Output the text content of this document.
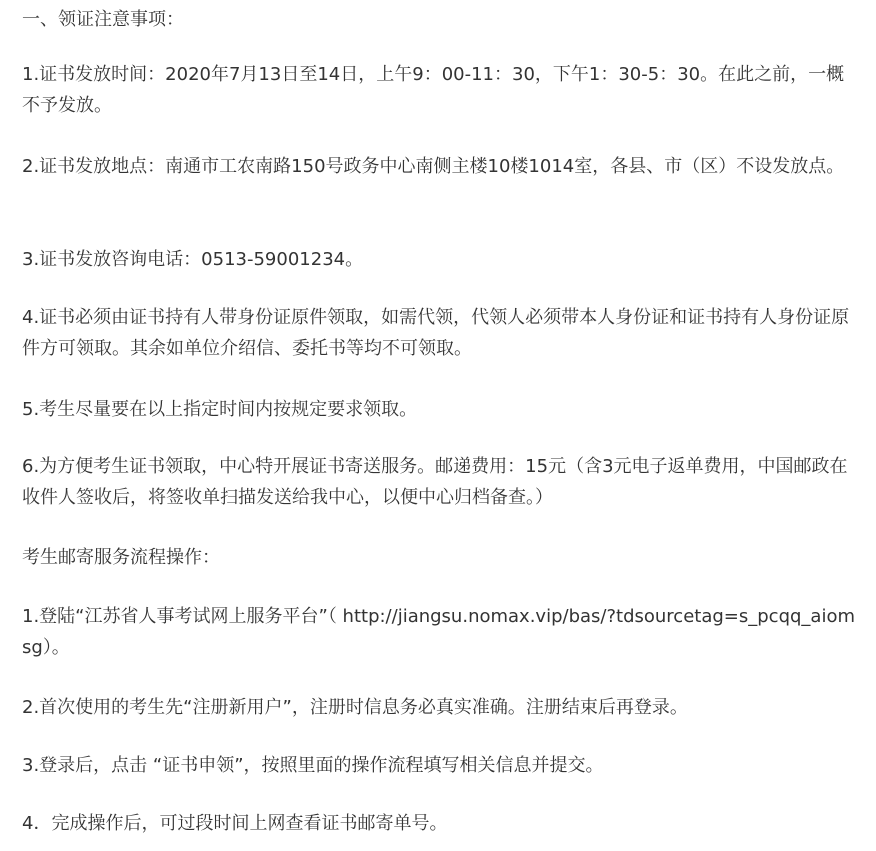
一、领证注意事项：

1.证书发放时间：2020年7月13日至14日，上午9：00-11：30，下午1：30-5：30。在此之前，一概不予发放。

2.证书发放地点：南通市工农南路150号政务中心南侧主楼10楼1014室，各县、市（区）不设发放点。

3.证书发放咨询电话：0513-59001234。

4.证书必须由证书持有人带身份证原件领取，如需代领，代领人必须带本人身份证和证书持有人身份证原件方可领取。其余如单位介绍信、委托书等均不可领取。

5.考生尽量要在以上指定时间内按规定要求领取。

6.为方便考生证书领取，中心特开展证书寄送服务。邮递费用：15元（含3元电子返单费用，中国邮政在收件人签收后，将签收单扫描发送给我中心，以便中心归档备查。）

考生邮寄服务流程操作：

1.登陆“江苏省人事考试网上服务平台”（ http://jiangsu.nomax.vip/bas/?tdsourcetag=s_pcqq_aiomsg）。

2.首次使用的考生先“注册新用户”，注册时信息务必真实准确。注册结束后再登录。

3.登录后，点击 “证书申领”，按照里面的操作流程填写相关信息并提交。

4．完成操作后，可过段时间上网查看证书邮寄单号。
